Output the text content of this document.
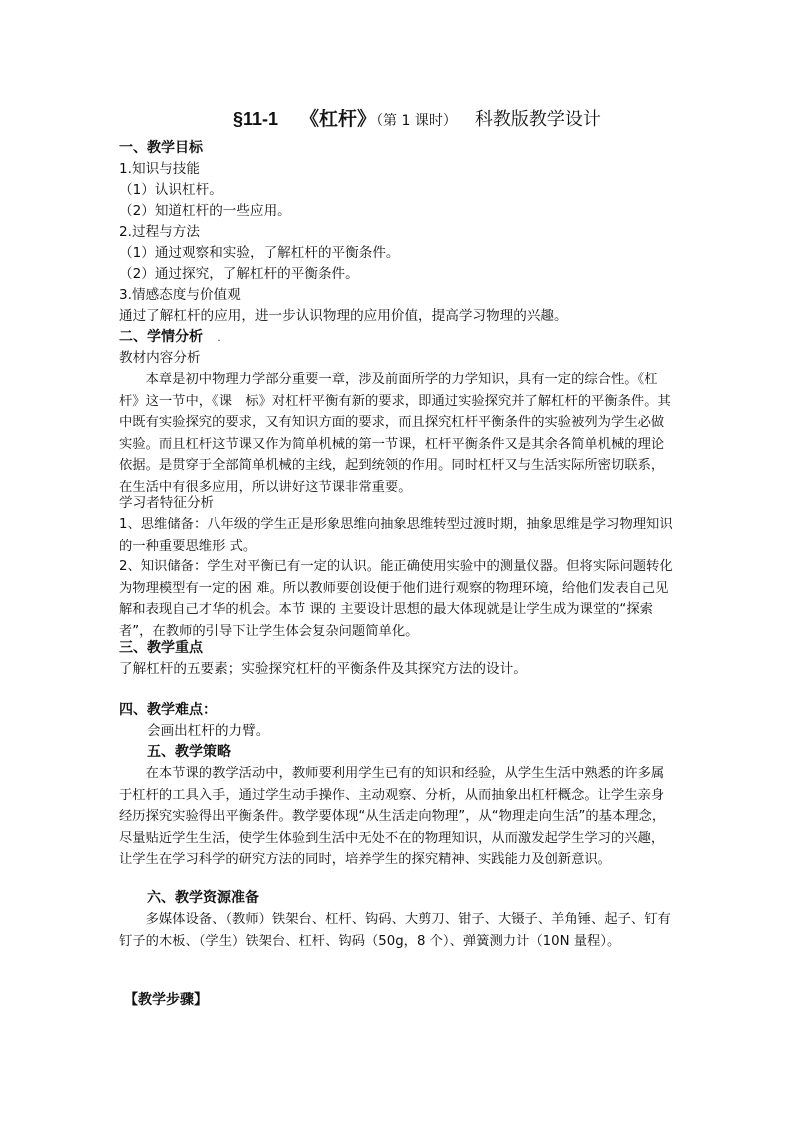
§11-1 《杠杆》（第 1 课时） 科教版教学设计
一、教学目标
1.知识与技能
（1）认识杠杆。
（2）知道杠杆的一些应用。
2.过程与方法
（1）通过观察和实验，了解杠杆的平衡条件。
（2）通过探究，了解杠杆的平衡条件。
3.情感态度与价值观
通过了解杠杆的应用，进一步认识物理的应用价值，提高学习物理的兴趣。
二、学情分析 .
教材内容分析
本章是初中物理力学部分重要一章，涉及前面所学的力学知识，具有一定的综合性。《杠杆》这一节中，《课　标》对杠杆平衡有新的要求，即通过实验探究并了解杠杆的平衡条件。其中既有实验探究的要求，又有知识方面的要求，而且探究杠杆平衡条件的实验被列为学生必做实验。而且杠杆这节课又作为简单机械的第一节课，杠杆平衡条件又是其余各简单机械的理论依据。是贯穿于全部简单机械的主线，起到统领的作用。同时杠杆又与生活实际所密切联系，在生活中有很多应用，所以讲好这节课非常重要。
学习者特征分析
1、思维储备：八年级的学生正是形象思维向抽象思维转型过渡时期，抽象思维是学习物理知识的一种重要思维形 式。
2、知识储备：学生对平衡已有一定的认识。能正确使用实验中的测量仪器。但将实际问题转化为物理模型有一定的困 难。所以教师要创设便于他们进行观察的物理环境，给他们发表自己见解和表现自己才华的机会。本节 课的 主要设计思想的最大体现就是让学生成为课堂的“探索者”，在教师的引导下让学生体会复杂问题简单化。
三、教学重点
了解杠杆的五要素；实验探究杠杆的平衡条件及其探究方法的设计。
四、教学难点：
会画出杠杆的力臂。
五、教学策略
在本节课的教学活动中，教师要利用学生已有的知识和经验，从学生生活中熟悉的许多属于杠杆的工具入手，通过学生动手操作、主动观察、分析，从而抽象出杠杆概念。让学生亲身经历探究实验得出平衡条件。教学要体现“从生活走向物理”，从“物理走向生活”的基本理念，尽量贴近学生生活，使学生体验到生活中无处不在的物理知识，从而激发起学生学习的兴趣，让学生在学习科学的研究方法的同时，培养学生的探究精神、实践能力及创新意识。
六、教学资源准备
多媒体设备、（教师）铁架台、杠杆、钩码、大剪刀、钳子、大镊子、羊角锤、起子、钉有钉子的木板、（学生）铁架台、杠杆、钩码（50g，8 个）、弹簧测力计（10N 量程）。
【教学步骤】
